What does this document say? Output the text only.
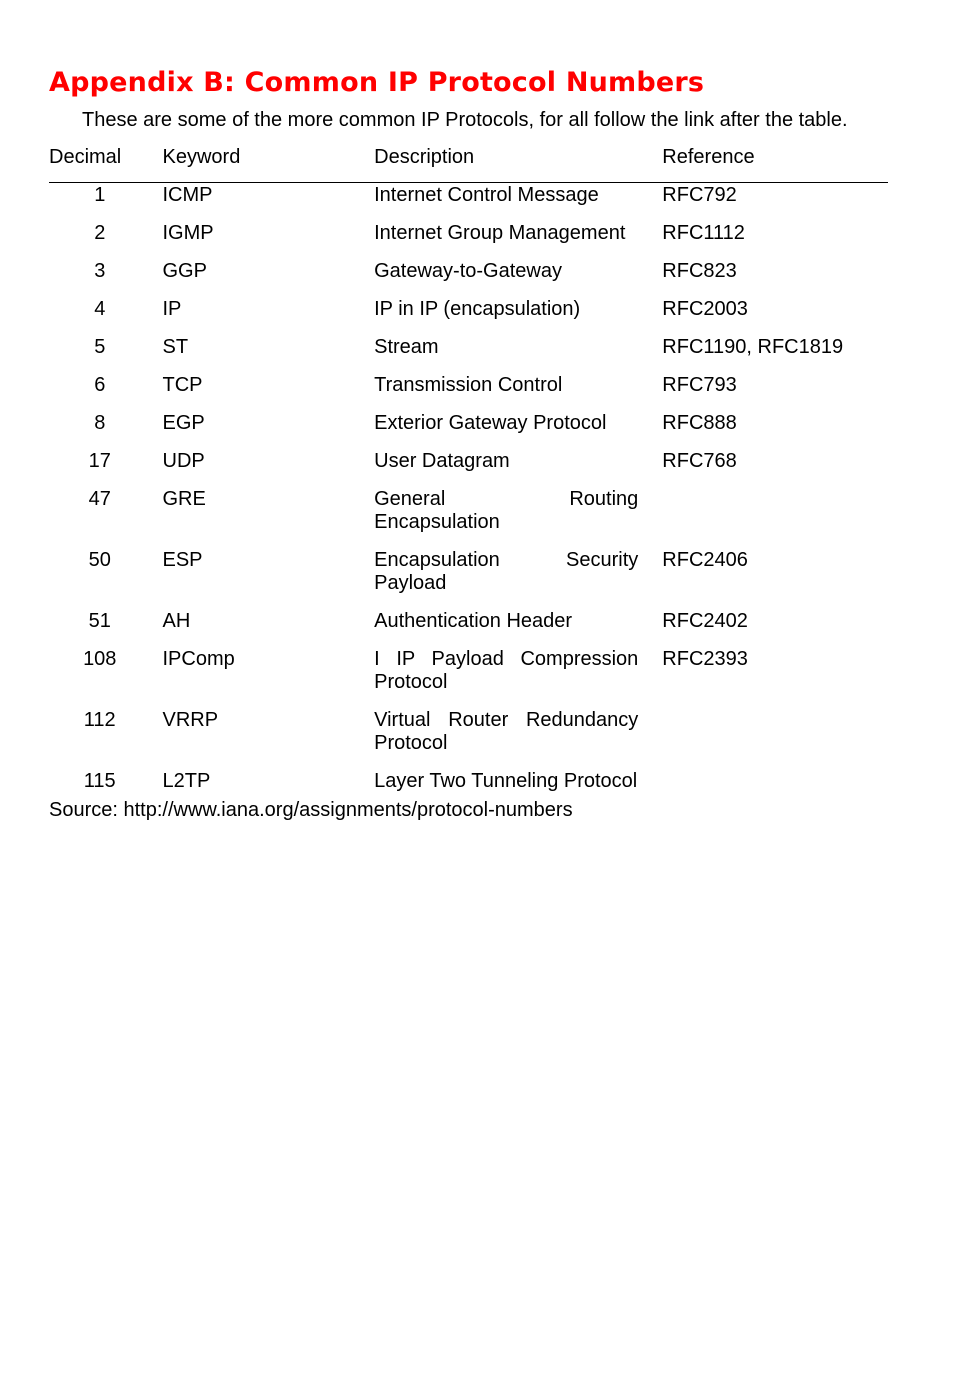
Appendix B: Common IP Protocol Numbers

These are some of the more common IP Protocols, for all follow the link after the table.

Decimal	Keyword	Description	Reference
1	ICMP	Internet Control Message	RFC792
2	IGMP	Internet Group Management	RFC1112
3	GGP	Gateway-to-Gateway	RFC823
4	IP	IP in IP (encapsulation)	RFC2003
5	ST	Stream	RFC1190, RFC1819
6	TCP	Transmission Control	RFC793
8	EGP	Exterior Gateway Protocol	RFC888
17	UDP	User Datagram	RFC768
47	GRE	General Routing Encapsulation	

50	ESP	Encapsulation Security Payload	RFC2406
51	AH	Authentication Header	RFC2402
108	IPComp	I IP Payload Compression Protocol	RFC2393
112	VRRP	Virtual Router Redundancy Protocol	

115	L2TP	Layer Two Tunneling Protocol	

Source: http://www.iana.org/assignments/protocol-numbers
